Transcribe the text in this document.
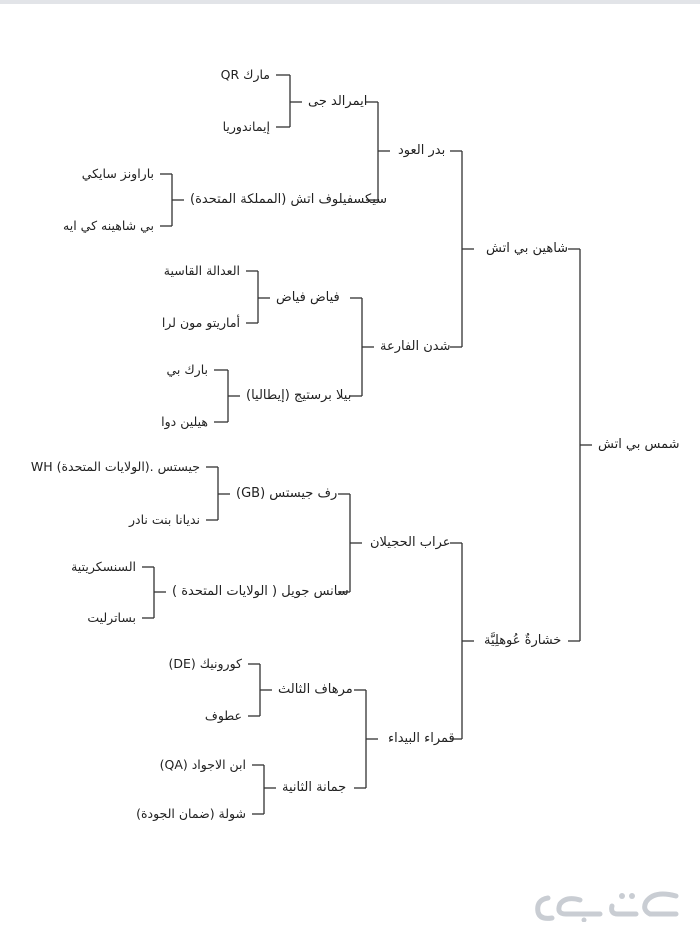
شمس بي اتش
شاهين بي اتش
خشارةٌ عُوهلِيَّة
بدر العود
شدن الفارعة
عراب الحجيلان
قمراء البيداء
ايمرالد جى
سيكسفيلوف اتش (المملكة المتحدة)
فياض فياض
بيلا برستيج (إيطاليا)
رف جيستس (GB)
سانس جويل ( الولايات المتحدة )
مرهاف الثالث
جمانة الثانية
QR مارك
إيماندوريا
باراونز سايكي
بي شاهينه كي ايه
العدالة القاسية
أماريتو مون لرا
بارك بي
هيلين دوا
WH جيستس .(الولايات المتحدة)
ندیانا بنت نادر
السنسكريتية
بساترليت
كورونيك (DE)
عطوف
ابن الاجواد (QA)
شولة (ضمان الجودة)
